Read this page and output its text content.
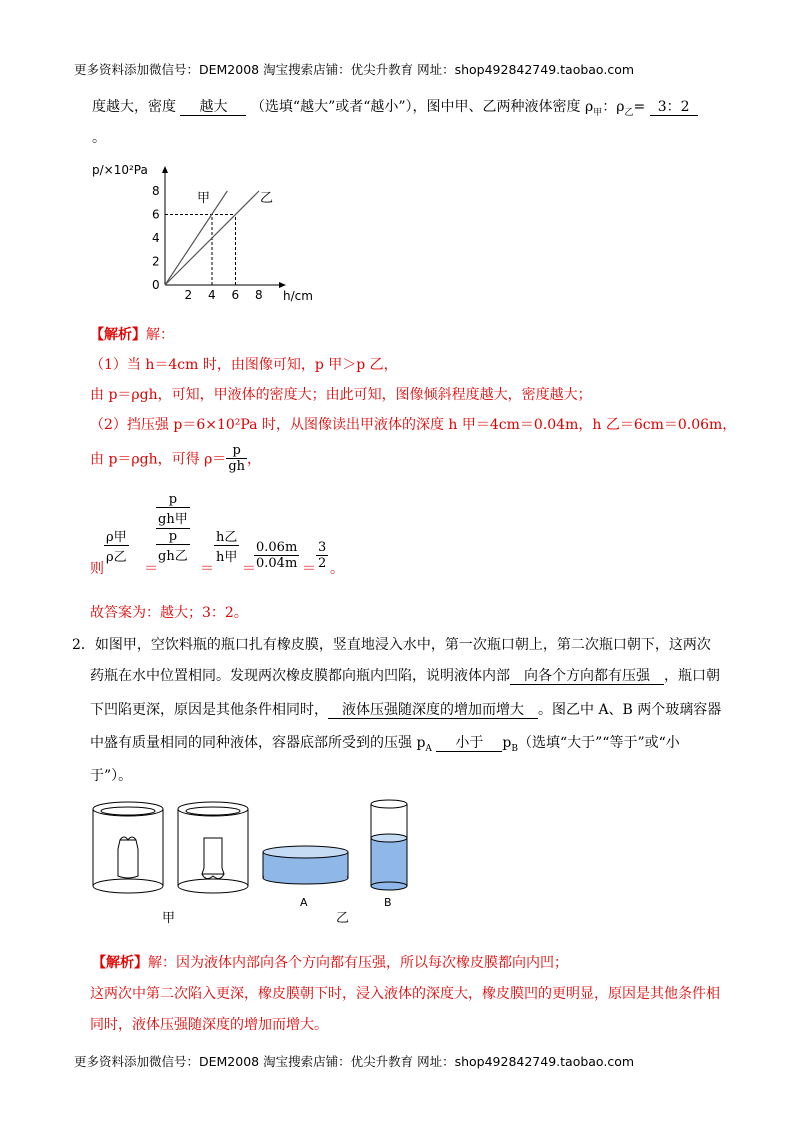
更多资料添加微信号：DEM2008 淘宝搜索店铺：优尖升教育 网址：shop492842749.taobao.com
度越大，密度 越大 （选填“越大”或者“越小”），图中甲、乙两种液体密度 $\rho_甲$：$\rho_乙= 3$：2
。
p/×10²Pa
8
6
4
2
0
2 4 6 8
甲	乙
h/cm
【解析】解：
（1）当 h＝4cm 时，由图像可知，p 甲＞p 乙，
由 p＝ρgh，可知，甲液体的密度大；由此可知，图像倾斜程度越大，密度越大；
（2）挡压强 p＝6×10²Pa 时，从图像读出甲液体的深度 h 甲＝4cm＝0.04m，h 乙＝6cm＝0.06m，
由 p＝ρgh，可得 $\rho= \frac{p}{gh}$ ，
则
ρ甲
ρ乙
＝
p
gh甲
p
gh乙
＝
h乙
h甲
＝
$\frac{0.06m}{0.04m} = \frac{3}{2}$ 。
故答案为：越大；3：2。
2．如图甲，空饮料瓶的瓶口扎有橡皮膜，竖直地浸入水中，第一次瓶口朝上，第二次瓶口朝下，这两次
药瓶在水中位置相同。发现两次橡皮膜都向瓶内凹陷，说明液体内部 向各个方向都有压强 ，瓶口朝
下凹陷更深，原因是其他条件相同时， 液体压强随深度的增加而增大 。图乙中 A、B 两个玻璃容器
中盛有质量相同的同种液体，容器底部所受到的压强 $p_A$ 小于 $p_B$（选填“大于”“等于”或“小
于”）。
甲
A
乙
B
【解析】解：因为液体内部向各个方向都有压强，所以每次橡皮膜都向内凹；
这两次中第二次陷入更深，橡皮膜朝下时，浸入液体的深度大，橡皮膜凹的更明显，原因是其他条件相
同时，液体压强随深度的增加而增大。
更多资料添加微信号：DEM2008 淘宝搜索店铺：优尖升教育 网址：shop492842749.taobao.com
